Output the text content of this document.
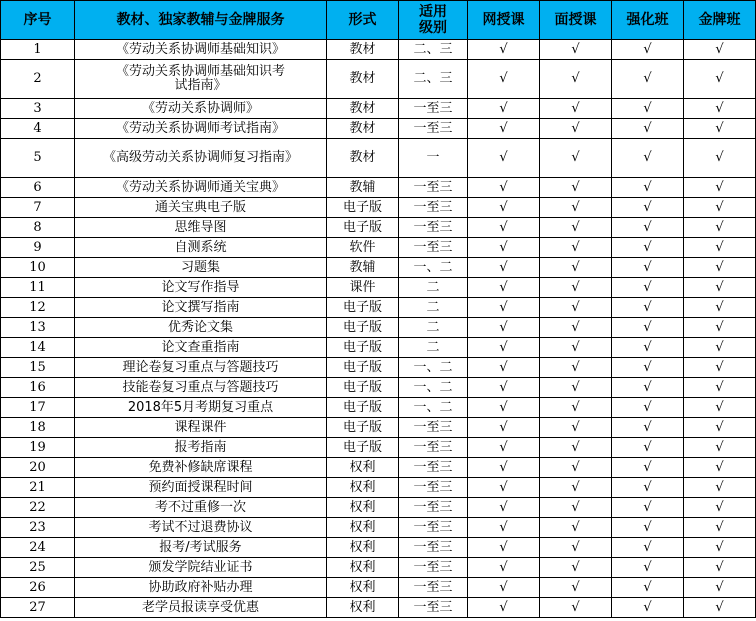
序号	教材、独家教辅与金牌服务	形式	适用级别	网授课	面授课	强化班	金牌班
1	《劳动关系协调师基础知识》	教材	二、三	√	√	√	√
2	《劳动关系协调师基础知识考试指南》	教材	二、三	√	√	√	√
3	《劳动关系协调师》	教材	一至三	√	√	√	√
4	《劳动关系协调师考试指南》	教材	一至三	√	√	√	√
5	《高级劳动关系协调师复习指南》	教材	一	√	√	√	√
6	《劳动关系协调师通关宝典》	教辅	一至三	√	√	√	√
7	通关宝典电子版	电子版	一至三	√	√	√	√
8	思维导图	电子版	一至三	√	√	√	√
9	自测系统	软件	一至三	√	√	√	√
10	习题集	教辅	一、二	√	√	√	√
11	论文写作指导	课件	二	√	√	√	√
12	论文撰写指南	电子版	二	√	√	√	√
13	优秀论文集	电子版	二	√	√	√	√
14	论文查重指南	电子版	二	√	√	√	√
15	理论卷复习重点与答题技巧	电子版	一、二	√	√	√	√
16	技能卷复习重点与答题技巧	电子版	一、二	√	√	√	√
17	2018年5月考期复习重点	电子版	一、二	√	√	√	√
18	课程课件	电子版	一至三	√	√	√	√
19	报考指南	电子版	一至三	√	√	√	√
20	免费补修缺席课程	权利	一至三	√	√	√	√
21	预约面授课程时间	权利	一至三	√	√	√	√
22	考不过重修一次	权利	一至三	√	√	√	√
23	考试不过退费协议	权利	一至三	√	√	√	√
24	报考/考试服务	权利	一至三	√	√	√	√
25	颁发学院结业证书	权利	一至三	√	√	√	√
26	协助政府补贴办理	权利	一至三	√	√	√	√
27	老学员报读享受优惠	权利	一至三	√	√	√	√
